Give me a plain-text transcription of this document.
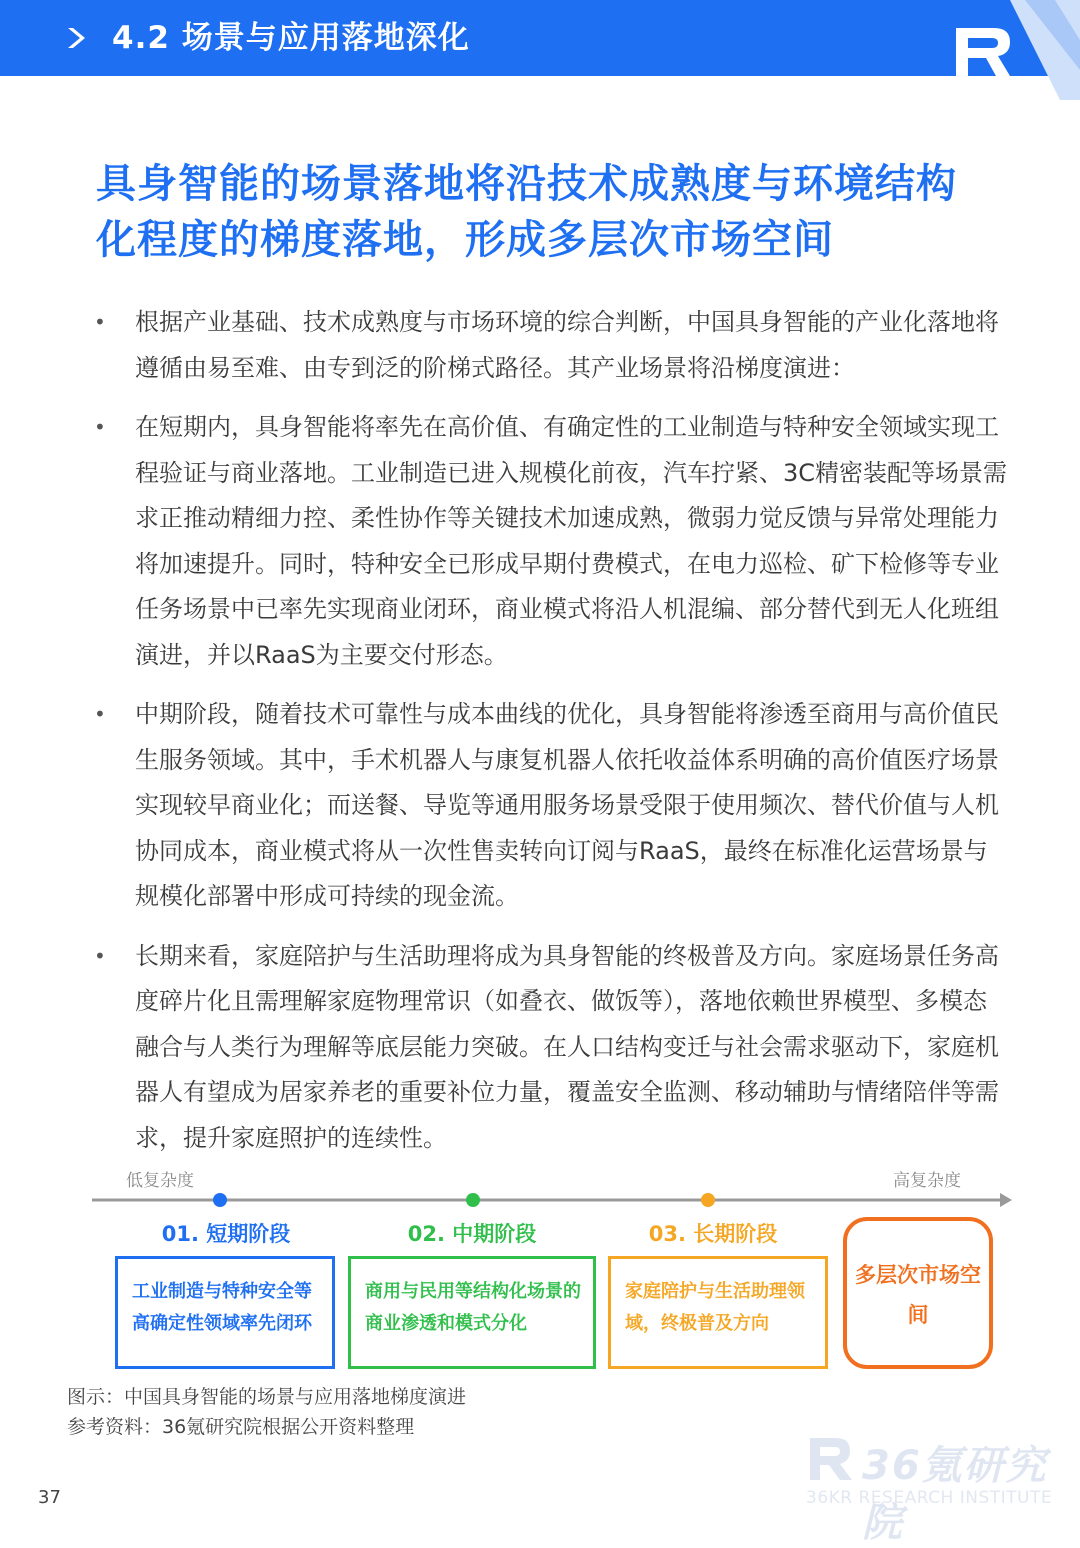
4.2 场景与应用落地深化
具身智能的场景落地将沿技术成熟度与环境结构化程度的梯度落地，形成多层次市场空间
• 根据产业基础、技术成熟度与市场环境的综合判断，中国具身智能的产业化落地将遵循由易至难、由专到泛的阶梯式路径。其产业场景将沿梯度演进：
• 在短期内，具身智能将率先在高价值、有确定性的工业制造与特种安全领域实现工程验证与商业落地。工业制造已进入规模化前夜，汽车拧紧、3C精密装配等场景需求正推动精细力控、柔性协作等关键技术加速成熟，微弱力觉反馈与异常处理能力将加速提升。同时，特种安全已形成早期付费模式，在电力巡检、矿下检修等专业任务场景中已率先实现商业闭环，商业模式将沿人机混编、部分替代到无人化班组演进，并以RaaS为主要交付形态。
• 中期阶段，随着技术可靠性与成本曲线的优化，具身智能将渗透至商用与高价值民生服务领域。其中，手术机器人与康复机器人依托收益体系明确的高价值医疗场景实现较早商业化；而送餐、导览等通用服务场景受限于使用频次、替代价值与人机协同成本，商业模式将从一次性售卖转向订阅与RaaS，最终在标准化运营场景与规模化部署中形成可持续的现金流。
• 长期来看，家庭陪护与生活助理将成为具身智能的终极普及方向。家庭场景任务高度碎片化且需理解家庭物理常识（如叠衣、做饭等），落地依赖世界模型、多模态融合与人类行为理解等底层能力突破。在人口结构变迁与社会需求驱动下，家庭机器人有望成为居家养老的重要补位力量，覆盖安全监测、移动辅助与情绪陪伴等需求，提升家庭照护的连续性。
低复杂度	高复杂度
01. 短期阶段	02. 中期阶段	03. 长期阶段
工业制造与特种安全等高确定性领域率先闭环
商用与民用等结构化场景的商业渗透和模式分化
家庭陪护与生活助理领域，终极普及方向
多层次市场空间
图示：中国具身智能的场景与应用落地梯度演进
参考资料：36氪研究院根据公开资料整理
37
36氪研究院
36KR RESEARCH INSTITUTE
